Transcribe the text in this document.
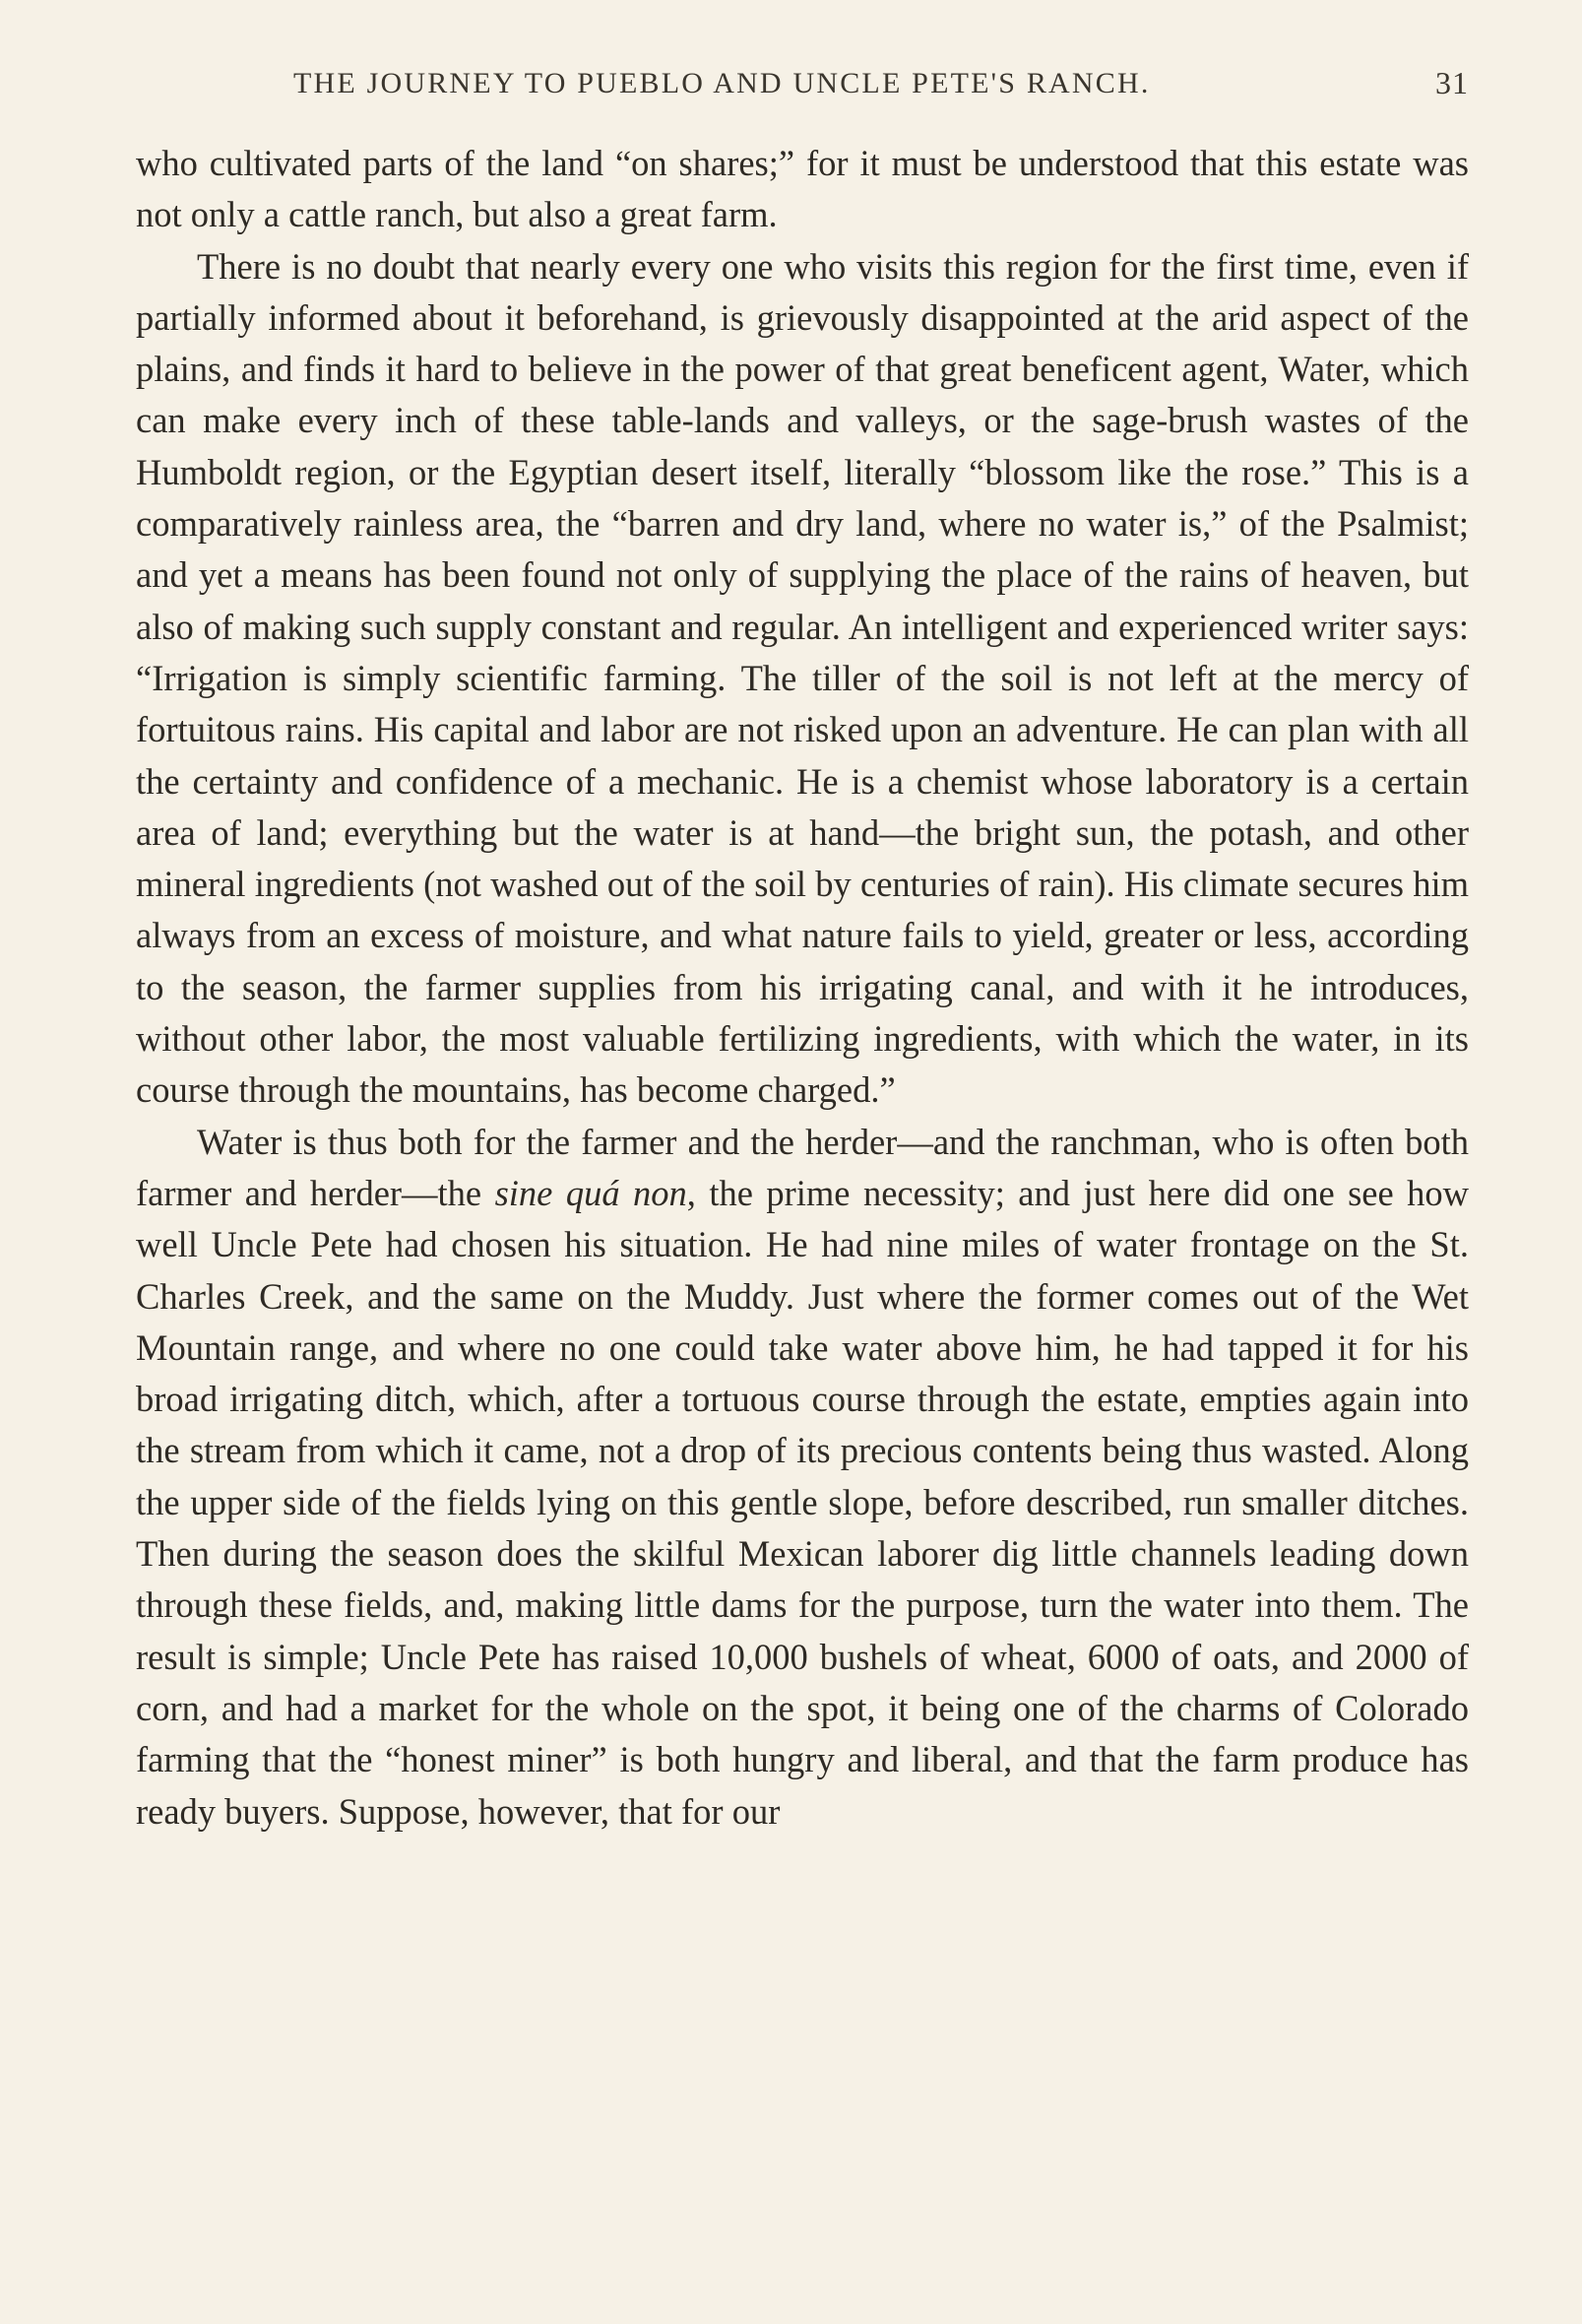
THE JOURNEY TO PUEBLO AND UNCLE PETE'S RANCH.	31

who cultivated parts of the land “on shares;” for it must be understood that this estate was not only a cattle ranch, but also a great farm.

There is no doubt that nearly every one who visits this region for the first time, even if partially informed about it beforehand, is grievously disappointed at the arid aspect of the plains, and finds it hard to believe in the power of that great beneficent agent, Water, which can make every inch of these table-lands and valleys, or the sage-brush wastes of the Humboldt region, or the Egyptian desert itself, literally “blossom like the rose.” This is a comparatively rainless area, the “barren and dry land, where no water is,” of the Psalmist; and yet a means has been found not only of supplying the place of the rains of heaven, but also of making such supply constant and regular. An intelligent and experienced writer says: “Irrigation is simply scientific farming. The tiller of the soil is not left at the mercy of fortuitous rains. His capital and labor are not risked upon an adventure. He can plan with all the certainty and confidence of a mechanic. He is a chemist whose laboratory is a certain area of land; everything but the water is at hand—the bright sun, the potash, and other mineral ingredients (not washed out of the soil by centuries of rain). His climate secures him always from an excess of moisture, and what nature fails to yield, greater or less, according to the season, the farmer supplies from his irrigating canal, and with it he introduces, without other labor, the most valuable fertilizing ingredients, with which the water, in its course through the mountains, has become charged.”

Water is thus both for the farmer and the herder—and the ranchman, who is often both farmer and herder—the sine quá non, the prime necessity; and just here did one see how well Uncle Pete had chosen his situation. He had nine miles of water frontage on the St. Charles Creek, and the same on the Muddy. Just where the former comes out of the Wet Mountain range, and where no one could take water above him, he had tapped it for his broad irrigating ditch, which, after a tortuous course through the estate, empties again into the stream from which it came, not a drop of its precious contents being thus wasted. Along the upper side of the fields lying on this gentle slope, before described, run smaller ditches. Then during the season does the skilful Mexican laborer dig little channels leading down through these fields, and, making little dams for the purpose, turn the water into them. The result is simple; Uncle Pete has raised 10,000 bushels of wheat, 6000 of oats, and 2000 of corn, and had a market for the whole on the spot, it being one of the charms of Colorado farming that the “honest miner” is both hungry and liberal, and that the farm produce has ready buyers. Suppose, however, that for our
